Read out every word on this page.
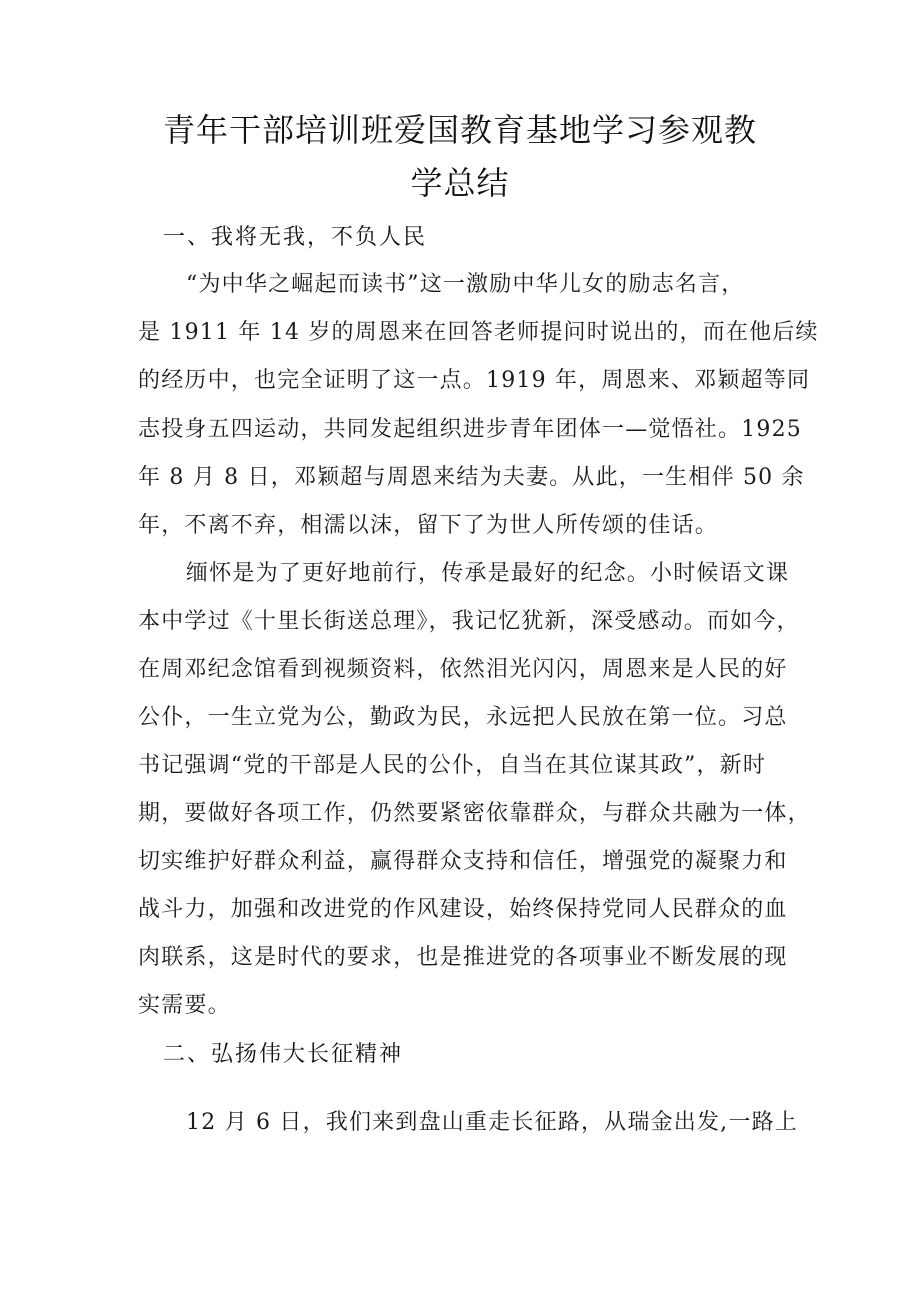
青年干部培训班爱国教育基地学习参观教
学总结
一、我将无我，不负人民
“为中华之崛起而读书”这一激励中华儿女的励志名言，
是 1911 年 14 岁的周恩来在回答老师提问时说出的，而在他后续
的经历中，也完全证明了这一点。1919 年，周恩来、邓颖超等同
志投身五四运动，共同发起组织进步青年团体一—觉悟社。1925
年 8 月 8 日，邓颖超与周恩来结为夫妻。从此，一生相伴 50 余
年，不离不弃，相濡以沫，留下了为世人所传颂的佳话。
缅怀是为了更好地前行，传承是最好的纪念。小时候语文课
本中学过《十里长街送总理》，我记忆犹新，深受感动。而如今，
在周邓纪念馆看到视频资料，依然泪光闪闪，周恩来是人民的好
公仆，一生立党为公，勤政为民，永远把人民放在第一位。习总
书记强调“党的干部是人民的公仆，自当在其位谋其政”，新时
期，要做好各项工作，仍然要紧密依靠群众，与群众共融为一体，
切实维护好群众利益，赢得群众支持和信任，增强党的凝聚力和
战斗力，加强和改进党的作风建设，始终保持党同人民群众的血
肉联系，这是时代的要求，也是推进党的各项事业不断发展的现
实需要。
二、弘扬伟大长征精神
12 月 6 日，我们来到盘山重走长征路，从瑞金出发,一路上
